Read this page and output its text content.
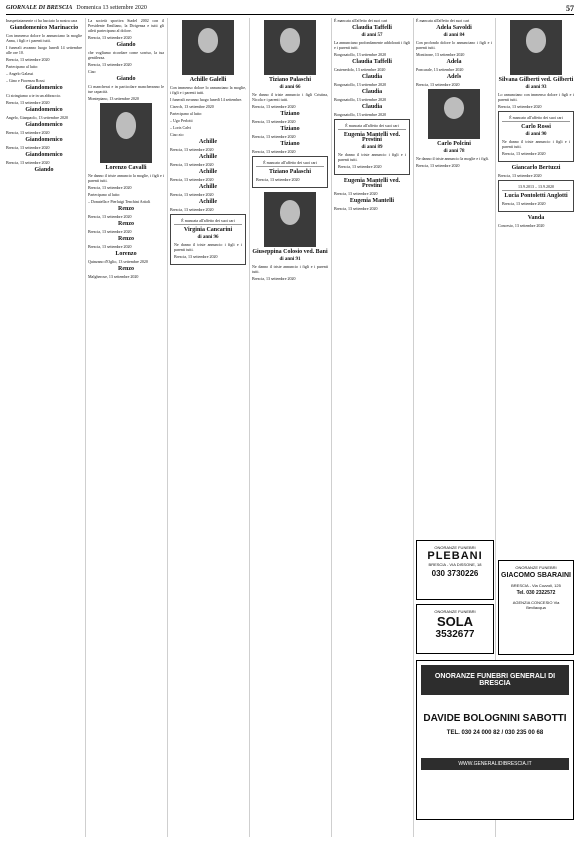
GIORNALE DI BRESCIA Domenica 13 settembre 2020	57

Inaspettatamente ci ha lasciato la nostra cara

Giandomenico Marinaccio

Con immenso dolore lo annunciano la moglie Anna, i figli e i parenti tutti.

I funerali avranno luogo lunedì 14 settembre alle ore 10.

Brescia, 13 settembre 2020

Partecipano al lutto:

– Angelo Galassi

– Gino e Fiorenza Rossi

Giandomenico

Ci stringiamo a te in un abbraccio.

Brescia, 13 settembre 2020

Giandomenico

Angelo, Gianpaolo, 13 settembre 2020

Giandomenico

Brescia, 13 settembre 2020

Giandomenico

Brescia, 13 settembre 2020

Giandomenico

Brescia, 13 settembre 2020

Giando

La società sportiva Stadel 2002 con il Presidente Emiliano, la Dirigenza e tutti gli atleti partecipano al dolore.

Brescia, 13 settembre 2020

Giando

che vogliamo ricordare come sorriso, la tua gentilezza.

Brescia, 13 settembre 2020

Ciao

Giando

Ci mancherai e in particolare mancheranno le tue capacità.

Montepiano, 13 settembre 2020

Lorenzo Cavalli

Ne danno il triste annuncio la moglie, i figli e i parenti tutti.

Brescia, 13 settembre 2020

Partecipano al lutto:

– Donatella e Pierluigi Tenchini Artioli

Renzo

Brescia, 13 settembre 2020

Renzo

Brescia, 13 settembre 2020

Renzo

Brescia, 13 settembre 2020

Lorenzo

Quinzano d'Oglio, 13 settembre 2020

Renzo

Malgherose, 13 settembre 2020

Achille Galelli

Con immenso dolore lo annunciano la moglie, i figli e i parenti tutti.

I funerali avranno luogo lunedì 14 settembre.

Ciserch, 13 settembre 2020

Partecipano al lutto:

– Ugo Perlotti

– Loris Calvi

Ciao zio

Achille

Brescia, 13 settembre 2020

Achille

Brescia, 13 settembre 2020

Achille

Brescia, 13 settembre 2020

Achille

Brescia, 13 settembre 2020

Achille

Brescia, 13 settembre 2020

È mancata all'affetto dei suoi cari
Virginia Cancarini
di anni 96

Ne danno il triste annuncio i figli e i parenti tutti.

Brescia, 13 settembre 2020

Tiziano Palaschi
di anni 66

Ne danno il triste annuncio i figli Cristina, Nicola e i parenti tutti.

Brescia, 13 settembre 2020

Tiziano

Brescia, 13 settembre 2020

Tiziano

Brescia, 13 settembre 2020

Tiziano

Brescia, 13 settembre 2020

È mancato all'affetto dei suoi cari
Tiziano Palaschi

Brescia, 13 settembre 2020

Giuseppina Colosio ved. Bani
di anni 91

Ne danno il triste annuncio i figli e i parenti tutti.

Brescia, 13 settembre 2020

È mancata all'affetto dei suoi cari

Claudia Taffelli
di anni 57

La annunciano profondamente addolorati i figli e i parenti tutti.

Borgosatollo, 13 settembre 2020

Claudia Taffelli

Castenedolo, 13 settembre 2020

Claudia

Borgosatollo, 13 settembre 2020

Claudia

Borgosatollo, 13 settembre 2020

Claudia

Borgosatollo, 13 settembre 2020

È mancata all'affetto dei suoi cari
Eugenia Mantelli ved. Prestini
di anni 89

Ne danno il triste annuncio i figli e i parenti tutti.

Brescia, 13 settembre 2020

Eugenia Mantelli ved. Prestini

Brescia, 13 settembre 2020

Eugenia Mantelli

Brescia, 13 settembre 2020

È mancata all'affetto dei suoi cari

Adela Savoldi
di anni 84

Con profondo dolore lo annunciano i figli e i parenti tutti.

Montirone, 13 settembre 2020

Adela

Poncarale, 13 settembre 2020

Adels

Brescia, 13 settembre 2020

Carlo Polcini
di anni 78

Ne danno il triste annuncio la moglie e i figli.

Brescia, 13 settembre 2020

Silvana Gilberti ved. Gilberti
di anni 93

Lo annunciano con immenso dolore i figli e i parenti tutti.

Brescia, 13 settembre 2020

È mancato all'affetto dei suoi cari
Carlo Rossi
di anni 90

Ne danno il triste annuncio i figli e i parenti tutti.

Brescia, 13 settembre 2020

Giancarlo Bertuzzi

Brescia, 13 settembre 2020

13.9.2013 – 13.9.2020
Lucia Pontoletti Anglotti

Brescia, 13 settembre 2020

Vanda

Concesio, 13 settembre 2020

ONORANZE FUNEBRI
PLEBANI
BRESCIA - VIA DISSONE, 18
030 3730226
ONORANZE FUNEBRI
SOLA
3532677
ONORANZE FUNEBRI GENERALI DI BRESCIA
DAVIDE BOLOGNINI SABOTTI
TEL. 030 24 000 82 / 030 235 00 68
WWW.GENERALIDIBRESCIA.IT
ONORANZE FUNEBRI
GIACOMO SBARAINI
BRESCIA - Via Cozzoli, 125
Tel. 030 2322572
AGENZIA CONCESIO Via Bevilacqua
